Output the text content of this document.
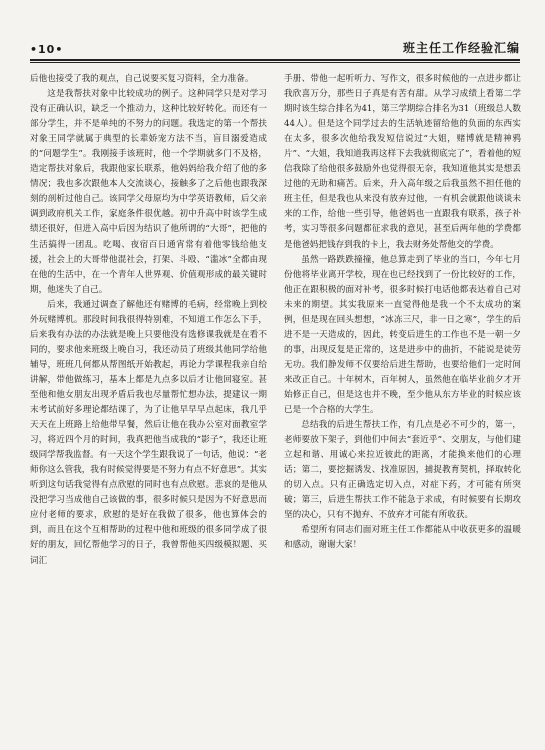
•10•	班主任工作经验汇编

后他也接受了我的观点，自己说要买复习资料，全力准备。

这是我帮扶对象中比较成功的例子。这种同学只是对学习没有正确认识，缺乏一个推动力，这种比较好转化。而还有一部分学生，并不是单纯的不努力的问题。我选定的第一个帮扶对象王同学就属于典型的长辈娇宠方法不当，盲目溺爱造成的“问题学生”。我刚接手该班时，他一个学期就多门不及格，造定帮扶对象后，我跟他家长联系，他妈妈给我介绍了他的多情况；我也多次跟他本人交流谈心，接触多了之后他也跟我深刻的剖析过他自己。该同学父母原均为中学英语教师，后父亲调到政府机关工作，家庭条件很优越。初中升高中时该学生成绩还很好，但进入高中后因为结识了他所谓的“大哥”，把他的生活搞得一团乱。吃喝、夜宿百日通宵常有着他零钱给他支援，社会上的大哥带他混社会，打架、斗殴、“滥冰”全都由现在他的生活中，在一个青年人世界观、价值观形成的最关键时期，他迷失了自己。

后来，我通过调查了解他还有赌博的毛病，经常晚上到校外玩赌博机。那段时间我很得特别难，不知道工作怎么下手，后来我有办法的办法就是晚上只要他没有选修课我就是在看不同的，要求他来班级上晚自习，我还动员了班级其他同学给他辅导，班班几何都从帮图纸开始教起，再论力学课程我亲自给讲解，带他做练习，基本上都是九点多以后才让他回寝室。甚至他和他女朋友出现矛盾后我也尽量帮忙想办法，提建议一期末考试前好多理论都结课了，为了让他早早早点起床，我几乎天天在上班路上给他带早餐，然后让他在我办公室对面教室学习，将近四个月的时间，我真把他当成我的“影子”，我还让班级同学帮我监督。有一天这个学生跟我说了一句话，他说：“老师你这么管我，我有时候觉得要是不努力有点不好意思”。其实听到这句话我觉得有点欣慰的同时也有点欣慰。悲哀的是他从没把学习当成他自己该做的事，很多时候只是因为不好意思而应付老师的要求，欣慰的是好在我做了很多，他也算体会的到，而且在这个互相帮助的过程中他和班级的很多同学成了很好的朋友，回忆帮他学习的日子，我曾帮他买四级模拟题、买词汇

手册、带他一起听听力、写作文，很多时候他的一点进步都让我欣喜万分，那些日子真是有苦有甜。从学习成绩上看第二学期时该生综合排名为41，第三学期综合排名为31（班级总人数44人）。但是这个同学过去的生活轨迹留给他的负面的东西实在太多，很多次他给我发短信说过“大姐，赌博就是精神鸦片”、“大姐，我知道我再这样下去我就彻底完了”，看着他的短信我除了给他很多鼓励外也觉得很无奈，我知道他其实是想丢过他的无助和痛苦。后来，升入高年级之后我虽然不担任他的班主任，但是我也从来没有放弃过他，一有机会就跟他谈谈未来的工作，给他一些引导，他爸妈也一直跟我有联系，孩子补考，实习等很多问题都征求我的意见，甚至后两年他的学费都是他爸妈把钱存到我的卡上，我去财务处帮他交的学费。

虽然一路跌跌撞撞，他总算走到了毕业的当口，今年七月份他将毕业离开学校，现在也已经找到了一份比较好的工作，他正在跟积极的面对补考，很多时候打电话他都表达着自己对未来的期望。其实我原来一直觉得他是我一个不太成功的案例，但是现在回头想想，“冰冻三尺，非一日之寒”，学生的后进不是一天造成的，因此，转变后进生的工作也不是一朝一夕的事，出现反复是正常的，这是进步中的曲折，不能说是徒劳无功。我们静发师不仅要给后进生帮助，也要给他们一定时间来改正自己。十年树木，百年树人，虽然他在临毕业前夕才开始修正自己，但是这也并不晚，至少他从东方毕业的时候应该已是一个合格的大学生。

总结我的后进生帮扶工作，有几点是必不可少的，第一，老师要放下架子，到他们中间去“套近乎”、交朋友，与他们建立起和谐、用诚心来拉近彼此的距离，才能换来他们的心理话；第二，要挖掘诱发、找准原因，捕捉教育契机，择取转化的切入点。只有正确选定切入点，对症下药，才可能有所突破；第三，后进生帮扶工作不能急于求成，有时候要有长期攻坚的决心，只有不抛弃、不放弃才可能有所收获。

希望所有同志们面对班主任工作都能从中收获更多的温暖和感动，谢谢大家！
